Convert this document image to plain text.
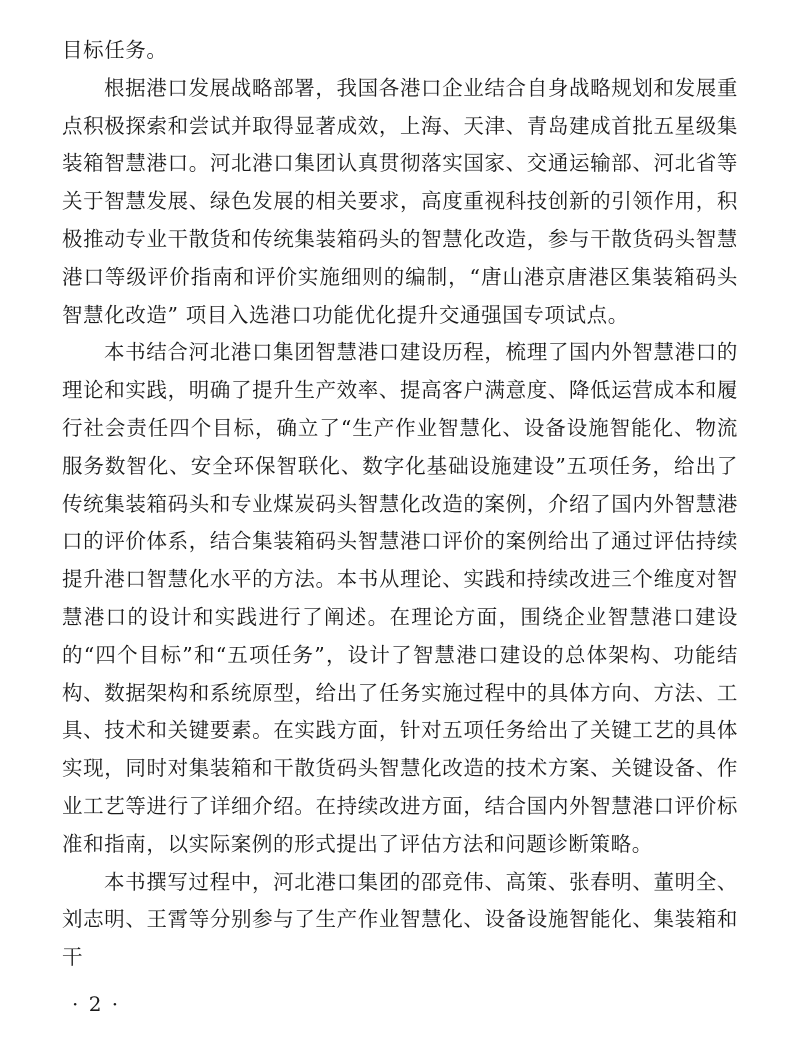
目标任务。

根据港口发展战略部署，我国各港口企业结合自身战略规划和发展重点积极探索和尝试并取得显著成效，上海、天津、青岛建成首批五星级集装箱智慧港口。河北港口集团认真贯彻落实国家、交通运输部、河北省等关于智慧发展、绿色发展的相关要求，高度重视科技创新的引领作用，积极推动专业干散货和传统集装箱码头的智慧化改造，参与干散货码头智慧港口等级评价指南和评价实施细则的编制，“唐山港京唐港区集装箱码头智慧化改造” 项目入选港口功能优化提升交通强国专项试点。

本书结合河北港口集团智慧港口建设历程，梳理了国内外智慧港口的理论和实践，明确了提升生产效率、提高客户满意度、降低运营成本和履行社会责任四个目标，确立了“生产作业智慧化、设备设施智能化、物流服务数智化、安全环保智联化、数字化基础设施建设”五项任务，给出了传统集装箱码头和专业煤炭码头智慧化改造的案例，介绍了国内外智慧港口的评价体系，结合集装箱码头智慧港口评价的案例给出了通过评估持续提升港口智慧化水平的方法。本书从理论、实践和持续改进三个维度对智慧港口的设计和实践进行了阐述。在理论方面，围绕企业智慧港口建设的“四个目标”和“五项任务”，设计了智慧港口建设的总体架构、功能结构、数据架构和系统原型，给出了任务实施过程中的具体方向、方法、工具、技术和关键要素。在实践方面，针对五项任务给出了关键工艺的具体实现，同时对集装箱和干散货码头智慧化改造的技术方案、关键设备、作业工艺等进行了详细介绍。在持续改进方面，结合国内外智慧港口评价标准和指南，以实际案例的形式提出了评估方法和问题诊断策略。

本书撰写过程中，河北港口集团的邵竞伟、高策、张春明、董明全、刘志明、王霄等分别参与了生产作业智慧化、设备设施智能化、集装箱和干

· 2 ·
